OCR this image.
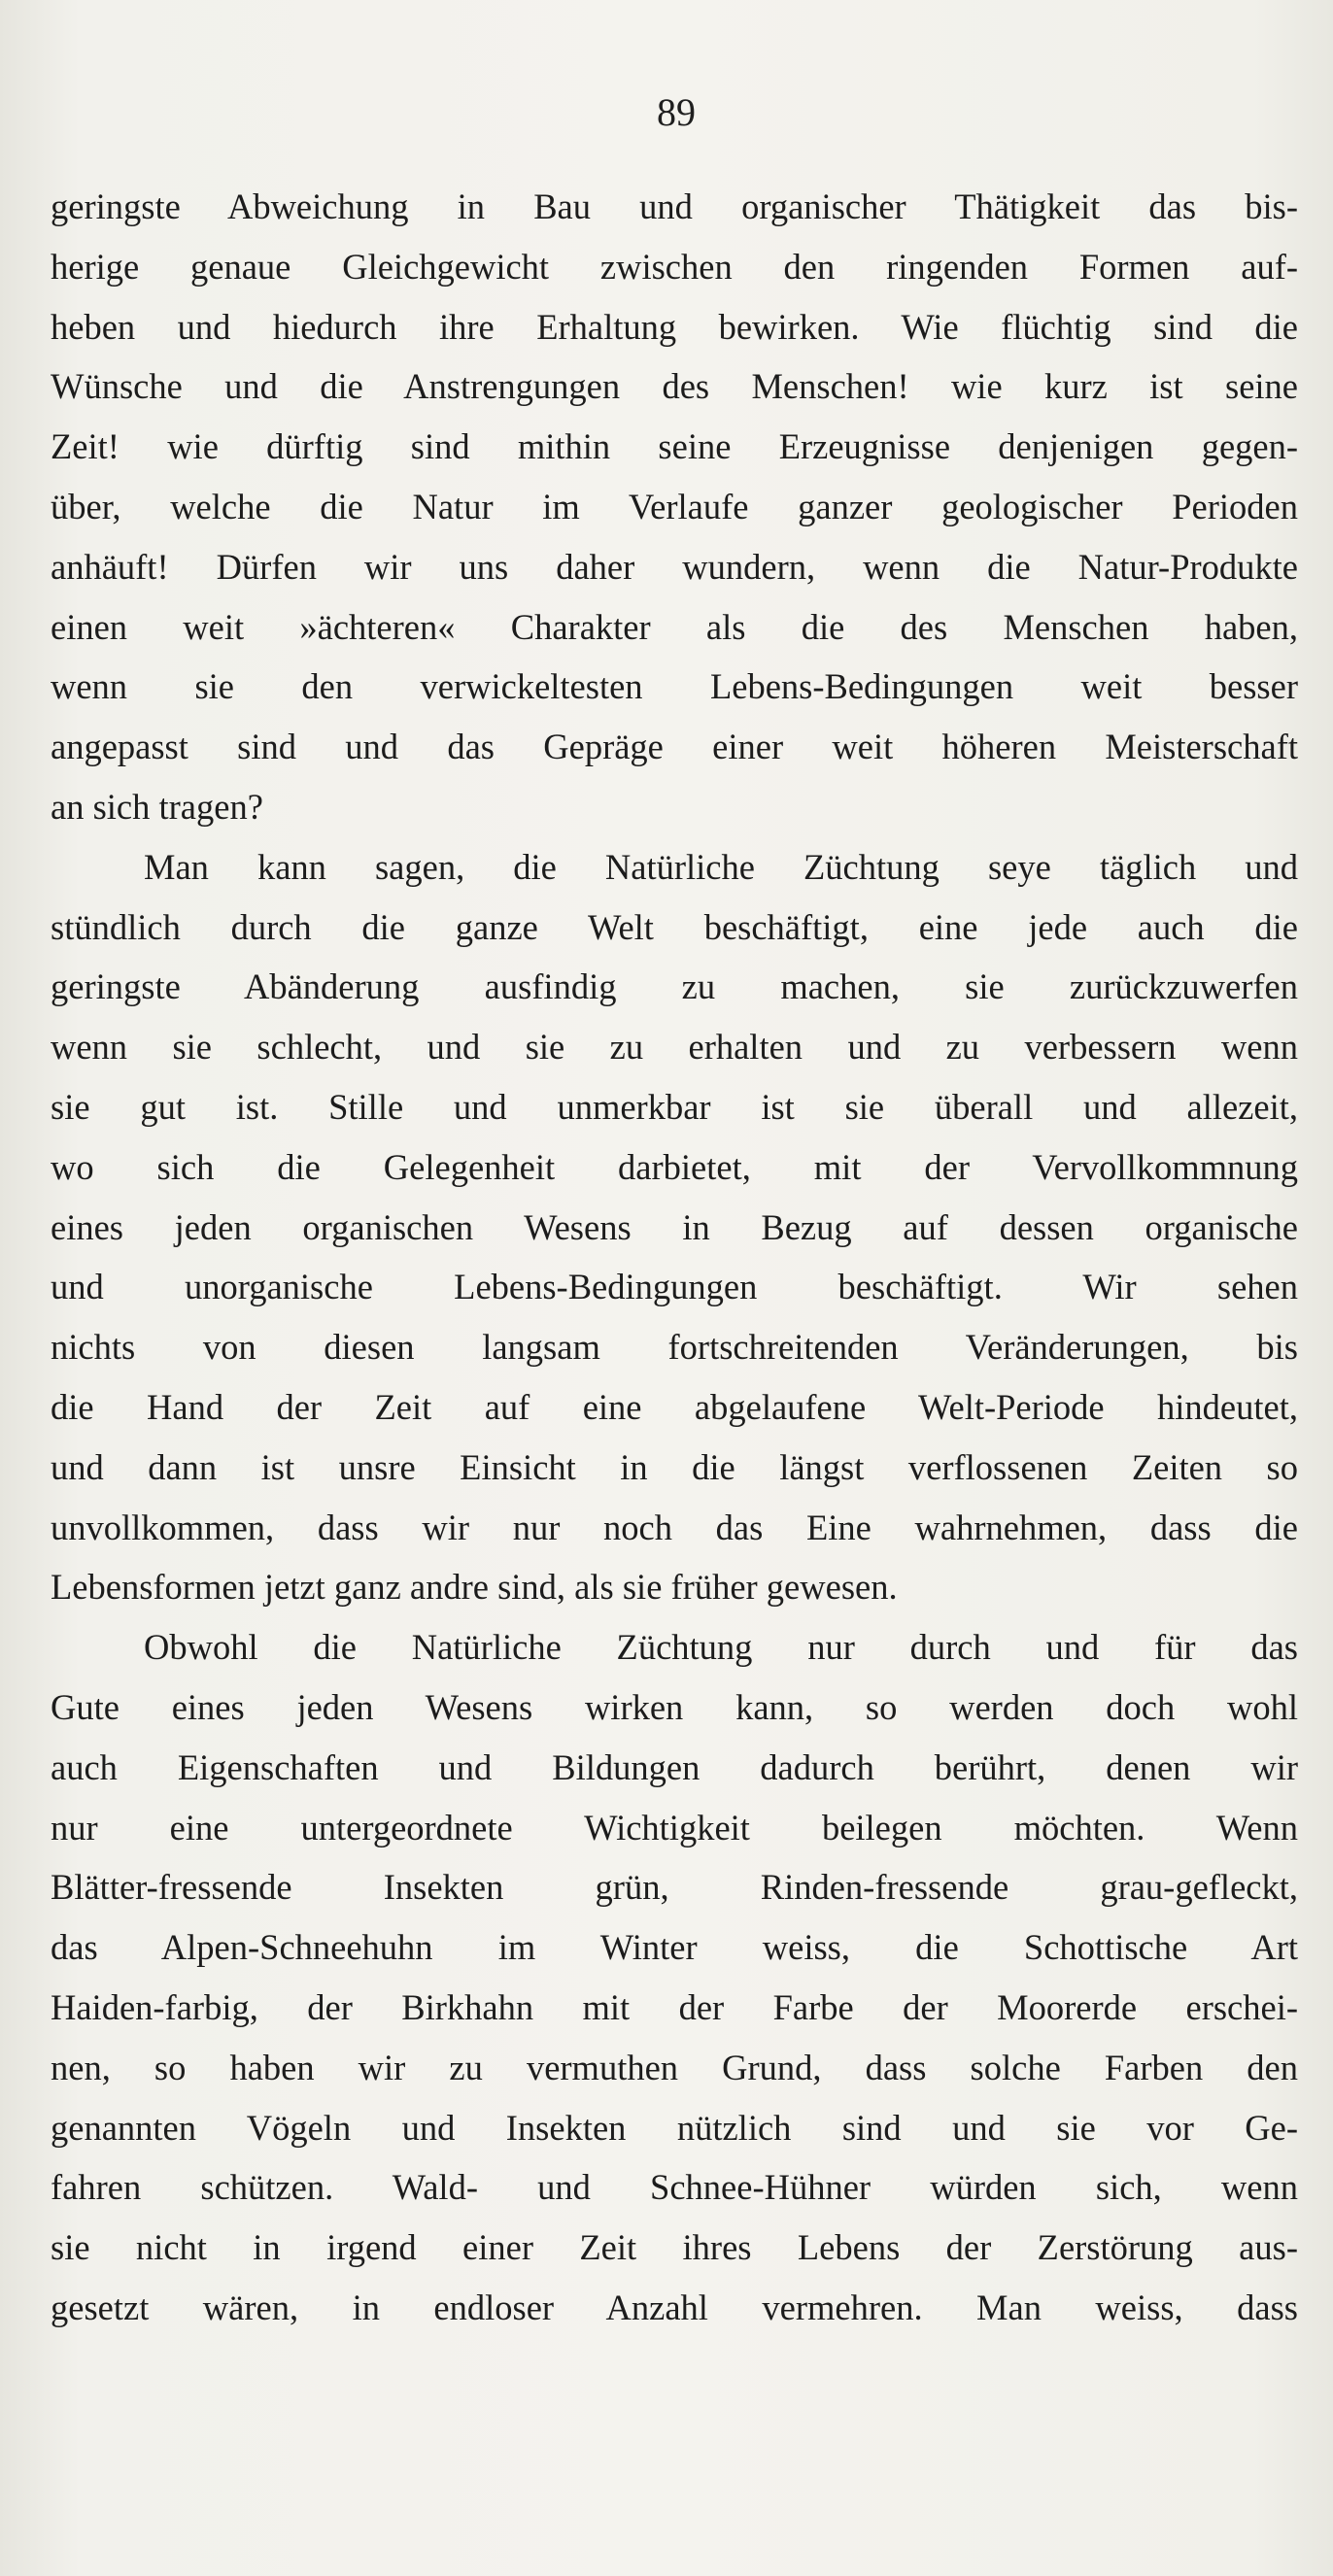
89
geringste Abweichung in Bau und organischer Thätigkeit das bis-
herige genaue Gleichgewicht zwischen den ringenden Formen auf-
heben und hiedurch ihre Erhaltung bewirken. Wie flüchtig sind die
Wünsche und die Anstrengungen des Menschen! wie kurz ist seine
Zeit! wie dürftig sind mithin seine Erzeugnisse denjenigen gegen-
über, welche die Natur im Verlaufe ganzer geologischer Perioden
anhäuft! Dürfen wir uns daher wundern, wenn die Natur-Produkte
einen weit »ächteren« Charakter als die des Menschen haben,
wenn sie den verwickeltesten Lebens-Bedingungen weit besser
angepasst sind und das Gepräge einer weit höheren Meisterschaft
an sich tragen?
Man kann sagen, die Natürliche Züchtung seye täglich und
stündlich durch die ganze Welt beschäftigt, eine jede auch die
geringste Abänderung ausfindig zu machen, sie zurückzuwerfen
wenn sie schlecht, und sie zu erhalten und zu verbessern wenn
sie gut ist. Stille und unmerkbar ist sie überall und allezeit,
wo sich die Gelegenheit darbietet, mit der Vervollkommnung
eines jeden organischen Wesens in Bezug auf dessen organische
und unorganische Lebens-Bedingungen beschäftigt. Wir sehen
nichts von diesen langsam fortschreitenden Veränderungen, bis
die Hand der Zeit auf eine abgelaufene Welt-Periode hindeutet,
und dann ist unsre Einsicht in die längst verflossenen Zeiten so
unvollkommen, dass wir nur noch das Eine wahrnehmen, dass die
Lebensformen jetzt ganz andre sind, als sie früher gewesen.
Obwohl die Natürliche Züchtung nur durch und für das
Gute eines jeden Wesens wirken kann, so werden doch wohl
auch Eigenschaften und Bildungen dadurch berührt, denen wir
nur eine untergeordnete Wichtigkeit beilegen möchten. Wenn
Blätter-fressende Insekten grün, Rinden-fressende grau-gefleckt,
das Alpen-Schneehuhn im Winter weiss, die Schottische Art
Haiden-farbig, der Birkhahn mit der Farbe der Moorerde erschei-
nen, so haben wir zu vermuthen Grund, dass solche Farben den
genannten Vögeln und Insekten nützlich sind und sie vor Ge-
fahren schützen. Wald- und Schnee-Hühner würden sich, wenn
sie nicht in irgend einer Zeit ihres Lebens der Zerstörung aus-
gesetzt wären, in endloser Anzahl vermehren. Man weiss, dass
